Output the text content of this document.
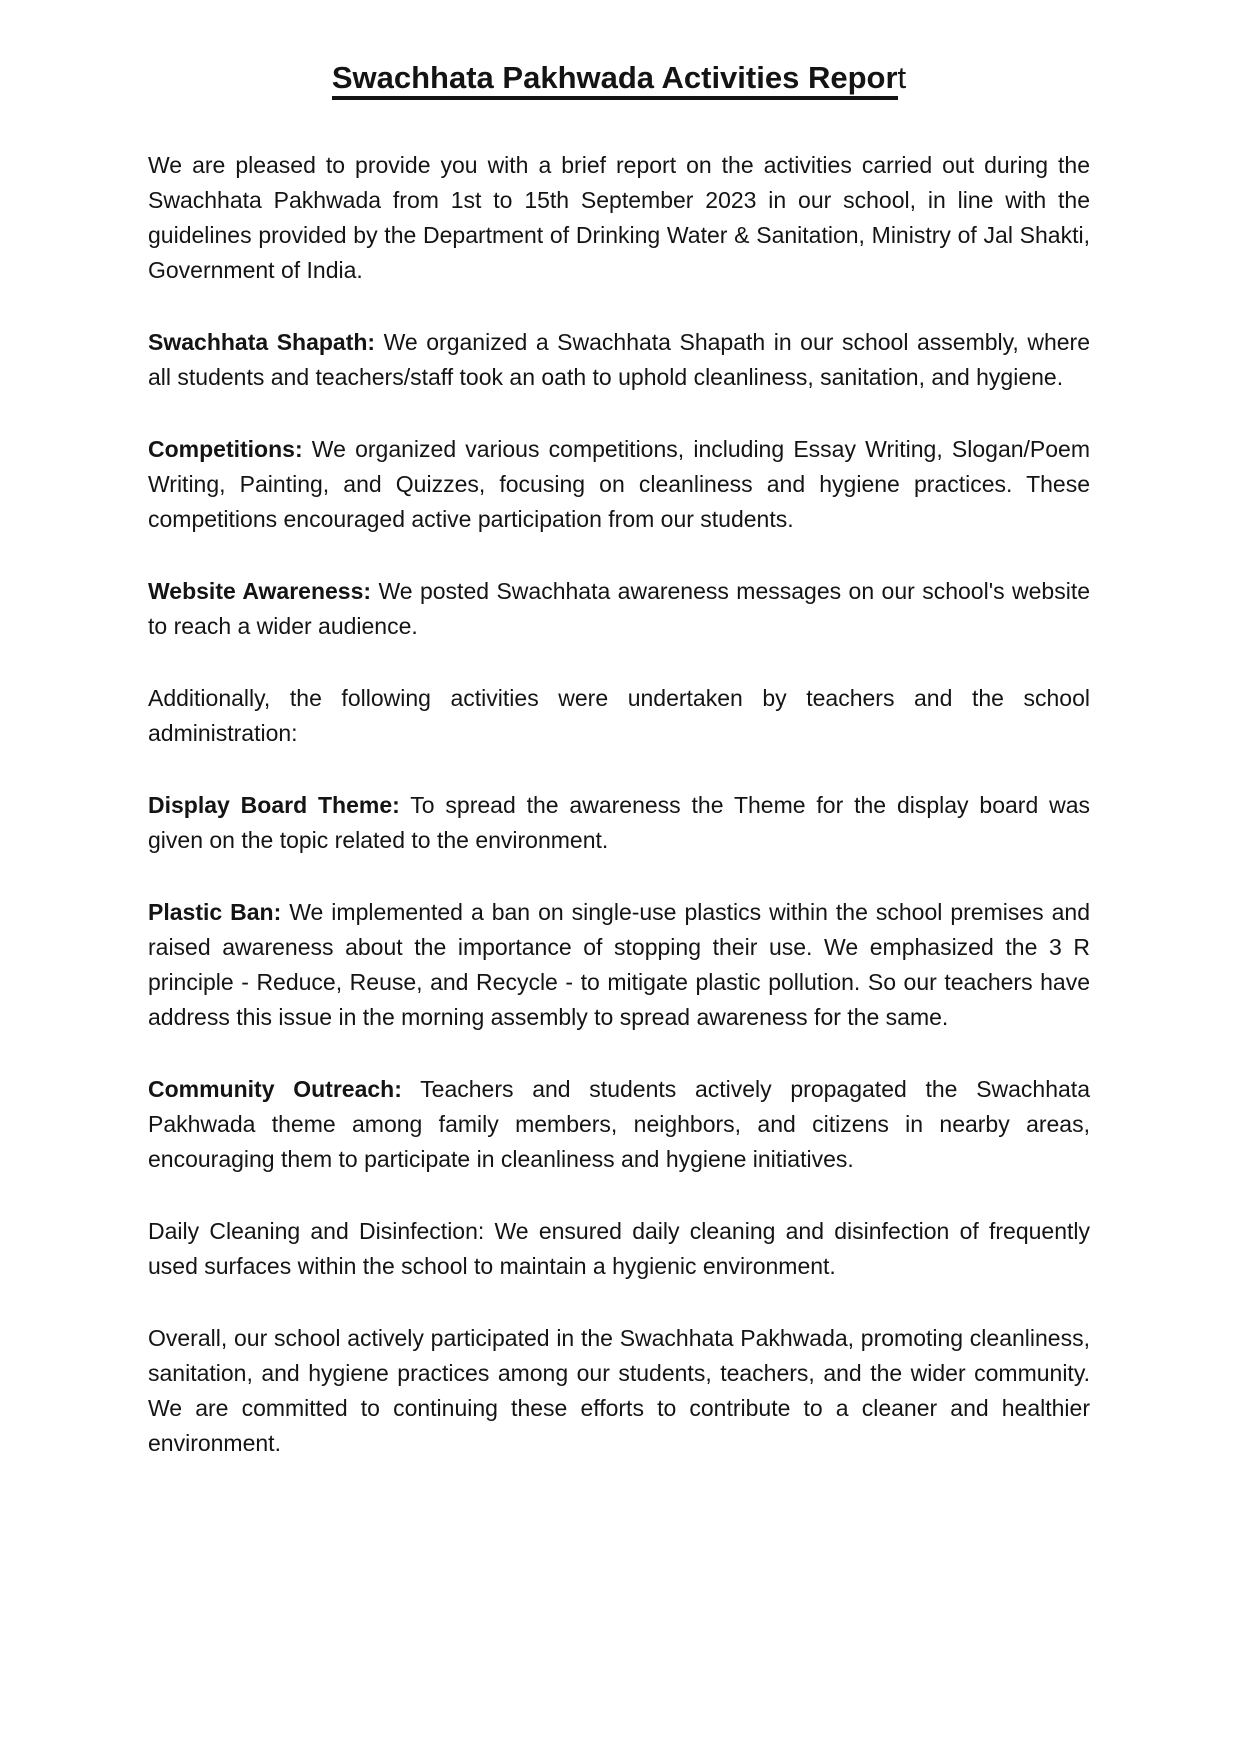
Swachhata Pakhwada Activities Report

We are pleased to provide you with a brief report on the activities carried out during the Swachhata Pakhwada from 1st to 15th September 2023 in our school, in line with the guidelines provided by the Department of Drinking Water & Sanitation, Ministry of Jal Shakti, Government of India.

Swachhata Shapath: We organized a Swachhata Shapath in our school assembly, where all students and teachers/staff took an oath to uphold cleanliness, sanitation, and hygiene.

Competitions: We organized various competitions, including Essay Writing, Slogan/Poem Writing, Painting, and Quizzes, focusing on cleanliness and hygiene practices. These competitions encouraged active participation from our students.

Website Awareness: We posted Swachhata awareness messages on our school's website to reach a wider audience.

Additionally, the following activities were undertaken by teachers and the school administration:

Display Board Theme: To spread the awareness the Theme for the display board was given on the topic related to the environment.

Plastic Ban: We implemented a ban on single-use plastics within the school premises and raised awareness about the importance of stopping their use. We emphasized the 3 R principle - Reduce, Reuse, and Recycle - to mitigate plastic pollution. So our teachers have address this issue in the morning assembly to spread awareness for the same.

Community Outreach: Teachers and students actively propagated the Swachhata Pakhwada theme among family members, neighbors, and citizens in nearby areas, encouraging them to participate in cleanliness and hygiene initiatives.

Daily Cleaning and Disinfection: We ensured daily cleaning and disinfection of frequently used surfaces within the school to maintain a hygienic environment.

Overall, our school actively participated in the Swachhata Pakhwada, promoting cleanliness, sanitation, and hygiene practices among our students, teachers, and the wider community. We are committed to continuing these efforts to contribute to a cleaner and healthier environment.
